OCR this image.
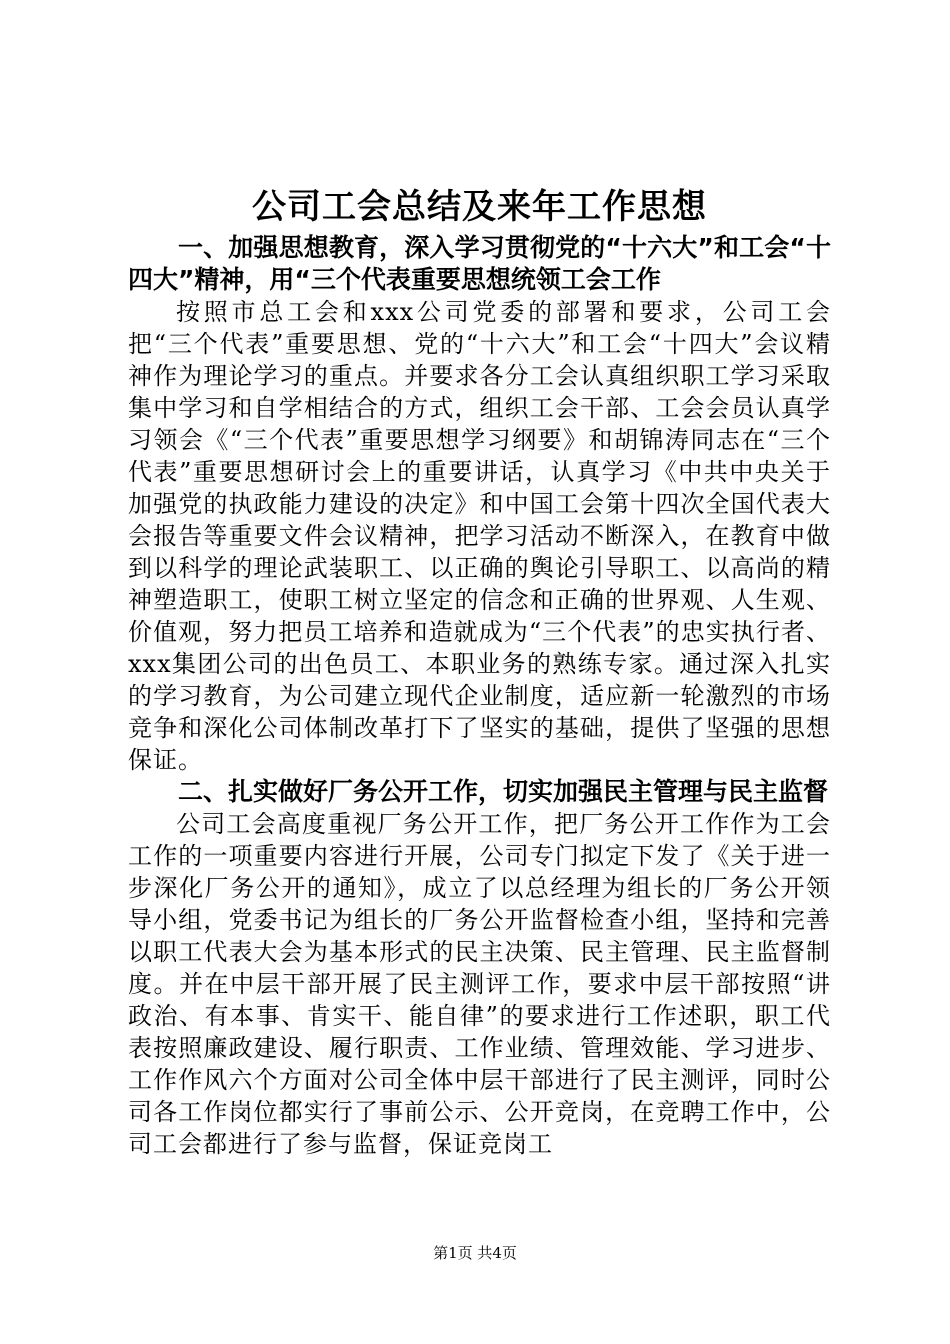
公司工会总结及来年工作思想
一、加强思想教育，深入学习贯彻党的“十六大”和工会“十四大”精神，用“三个代表重要思想统领工会工作

按照市总工会和xxx公司党委的部署和要求，公司工会把“三个代表”重要思想、党的“十六大”和工会“十四大”会议精神作为理论学习的重点。并要求各分工会认真组织职工学习采取集中学习和自学相结合的方式，组织工会干部、工会会员认真学习领会《“三个代表”重要思想学习纲要》和胡锦涛同志在“三个代表”重要思想研讨会上的重要讲话，认真学习《中共中央关于加强党的执政能力建设的决定》和中国工会第十四次全国代表大会报告等重要文件会议精神，把学习活动不断深入，在教育中做到以科学的理论武装职工、以正确的舆论引导职工、以高尚的精神塑造职工，使职工树立坚定的信念和正确的世界观、人生观、价值观，努力把员工培养和造就成为“三个代表”的忠实执行者、xxx集团公司的出色员工、本职业务的熟练专家。通过深入扎实的学习教育，为公司建立现代企业制度，适应新一轮激烈的市场竞争和深化公司体制改革打下了坚实的基础，提供了坚强的思想保证。

二、扎实做好厂务公开工作，切实加强民主管理与民主监督

公司工会高度重视厂务公开工作，把厂务公开工作作为工会工作的一项重要内容进行开展，公司专门拟定下发了《关于进一步深化厂务公开的通知》，成立了以总经理为组长的厂务公开领导小组，党委书记为组长的厂务公开监督检查小组，坚持和完善以职工代表大会为基本形式的民主决策、民主管理、民主监督制度。并在中层干部开展了民主测评工作，要求中层干部按照“讲政治、有本事、肯实干、能自律”的要求进行工作述职，职工代表按照廉政建设、履行职责、工作业绩、管理效能、学习进步、工作作风六个方面对公司全体中层干部进行了民主测评，同时公司各工作岗位都实行了事前公示、公开竞岗，在竞聘工作中，公司工会都进行了参与监督，保证竞岗工

第1页 共4页
